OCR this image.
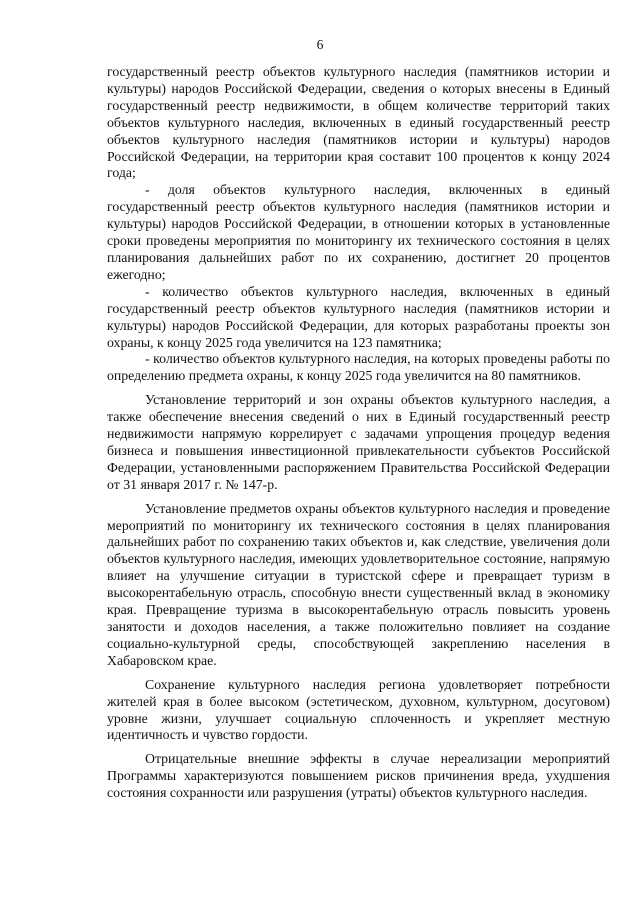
6

государственный реестр объектов культурного наследия (памятников истории и культуры) народов Российской Федерации, сведения о которых внесены в Единый государственный реестр недвижимости, в общем количестве территорий таких объектов культурного наследия, включенных в единый государственный реестр объектов культурного наследия (памятников истории и культуры) народов Российской Федерации, на территории края составит 100 процентов к концу 2024 года;

- доля объектов культурного наследия, включенных в единый государственный реестр объектов культурного наследия (памятников истории и культуры) народов Российской Федерации, в отношении которых в установленные сроки проведены мероприятия по мониторингу их технического состояния в целях планирования дальнейших работ по их сохранению, достигнет 20 процентов ежегодно;

- количество объектов культурного наследия, включенных в единый государственный реестр объектов культурного наследия (памятников истории и культуры) народов Российской Федерации, для которых разработаны проекты зон охраны, к концу 2025 года увеличится на 123 памятника;

- количество объектов культурного наследия, на которых проведены работы по определению предмета охраны, к концу 2025 года увеличится на 80 памятников.

Установление территорий и зон охраны объектов культурного наследия, а также обеспечение внесения сведений о них в Единый государственный реестр недвижимости напрямую коррелирует с задачами упрощения процедур ведения бизнеса и повышения инвестиционной привлекательности субъектов Российской Федерации, установленными распоряжением Правительства Российской Федерации от 31 января 2017 г. № 147-р.

Установление предметов охраны объектов культурного наследия и проведение мероприятий по мониторингу их технического состояния в целях планирования дальнейших работ по сохранению таких объектов и, как следствие, увеличения доли объектов культурного наследия, имеющих удовлетворительное состояние, напрямую влияет на улучшение ситуации в туристской сфере и превращает туризм в высокорентабельную отрасль, способную внести существенный вклад в экономику края. Превращение туризма в высокорентабельную отрасль повысить уровень занятости и доходов населения, а также положительно повлияет на создание социально-культурной среды, способствующей закреплению населения в Хабаровском крае.

Сохранение культурного наследия региона удовлетворяет потребности жителей края в более высоком (эстетическом, духовном, культурном, досуговом) уровне жизни, улучшает социальную сплоченность и укрепляет местную идентичность и чувство гордости.

Отрицательные внешние эффекты в случае нереализации мероприятий Программы характеризуются повышением рисков причинения вреда, ухудшения состояния сохранности или разрушения (утраты) объектов культурного наследия.
